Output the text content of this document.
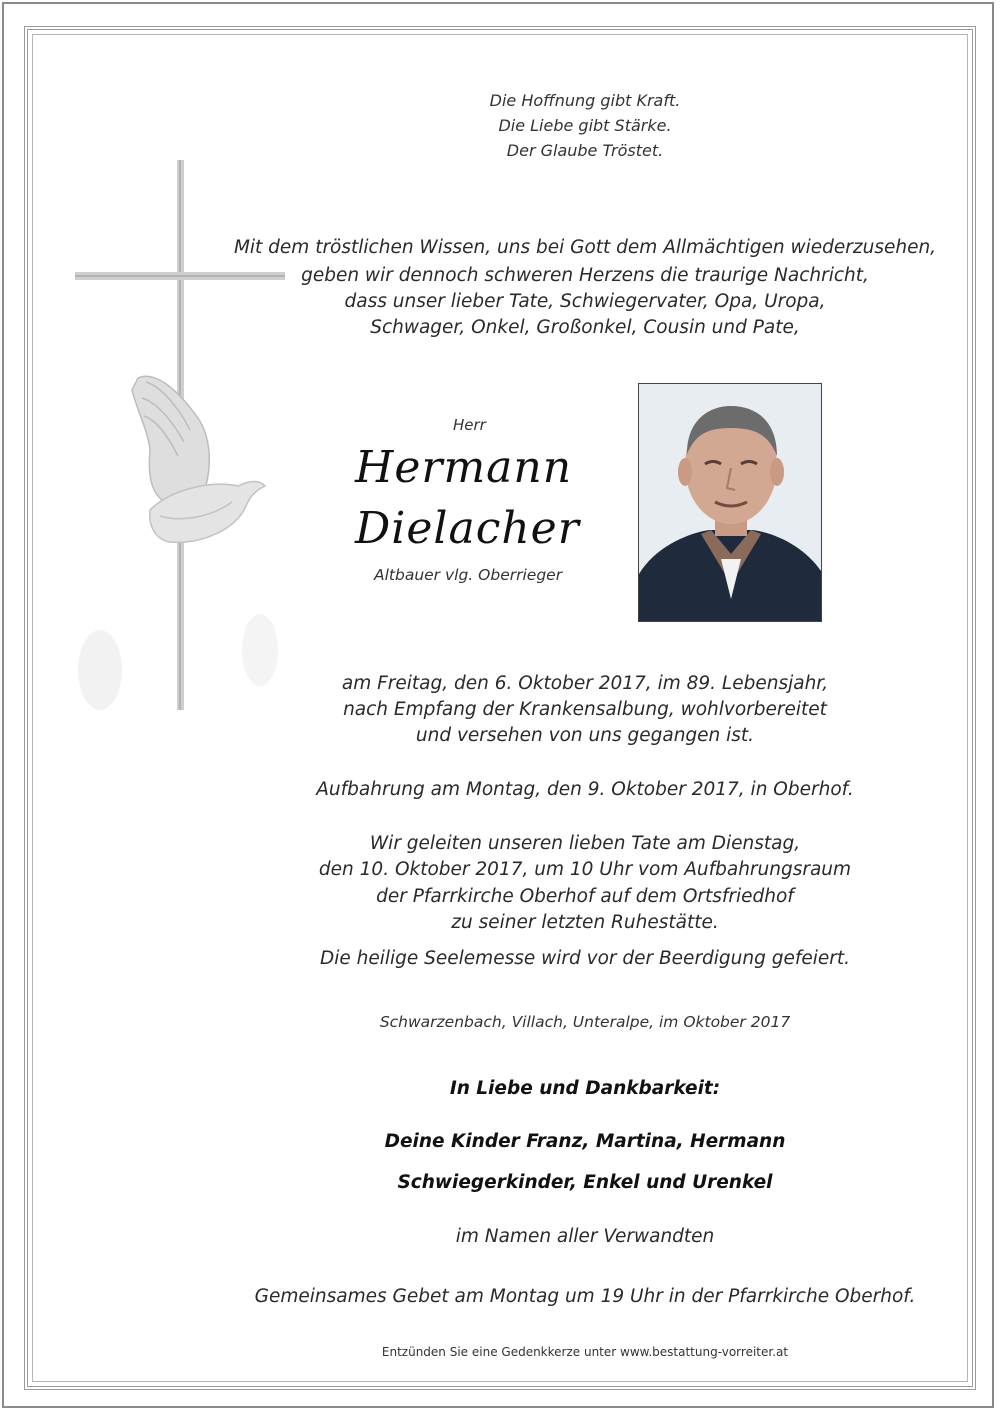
Die Hoffnung gibt Kraft.
Die Liebe gibt Stärke.
Der Glaube Tröstet.
Mit dem tröstlichen Wissen, uns bei Gott dem Allmächtigen wiederzusehen,
geben wir dennoch schweren Herzens die traurige Nachricht,
dass unser lieber Tate, Schwiegervater, Opa, Uropa,
Schwager, Onkel, Großonkel, Cousin und Pate,
Herr
Hermann
Dielacher
Altbauer vlg. Oberrieger
am Freitag, den 6. Oktober 2017, im 89. Lebensjahr,
nach Empfang der Krankensalbung, wohlvorbereitet
und versehen von uns gegangen ist.
Aufbahrung am Montag, den 9. Oktober 2017, in Oberhof.
Wir geleiten unseren lieben Tate am Dienstag,
den 10. Oktober 2017, um 10 Uhr vom Aufbahrungsraum
der Pfarrkirche Oberhof auf dem Ortsfriedhof
zu seiner letzten Ruhestätte.
Die heilige Seelemesse wird vor der Beerdigung gefeiert.
Schwarzenbach, Villach, Unteralpe, im Oktober 2017
In Liebe und Dankbarkeit:
Deine Kinder Franz, Martina, Hermann
Schwiegerkinder, Enkel und Urenkel
im Namen aller Verwandten
Gemeinsames Gebet am Montag um 19 Uhr in der Pfarrkirche Oberhof.
Entzünden Sie eine Gedenkkerze unter www.bestattung-vorreiter.at
